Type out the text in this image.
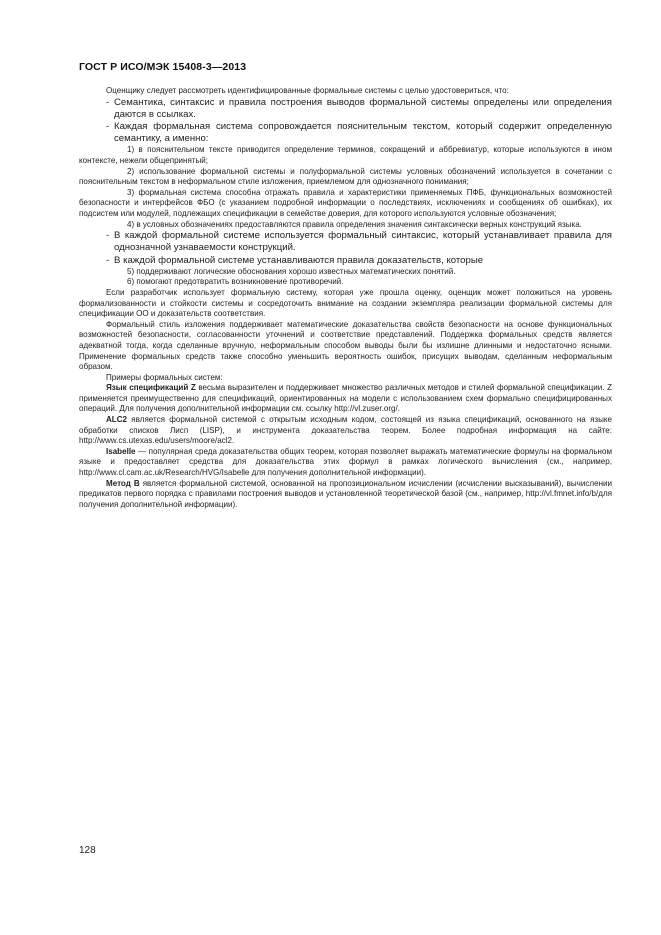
ГОСТ Р ИСО/МЭК 15408-3—2013

Оценщику следует рассмотреть идентифицированные формальные системы с целью удостовериться, что:

- Семантика, синтаксис и правила построения выводов формальной системы определены или определения даются в ссылках.
- Каждая формальная система сопровождается пояснительным текстом, который содержит определенную семантику, а именно:

1) в пояснительном тексте приводится определение терминов, сокращений и аббревиатур, которые используются в ином контексте, нежели общепринятый;

2) использование формальной системы и полуформальной системы условных обозначений используется в сочетании с пояснительным текстом в неформальном стиле изложения, приемлемом для однозначного понимания;

3) формальная система способна отражать правила и характеристики применяемых ПФБ, функциональных возможностей безопасности и интерфейсов ФБО (с указанием подробной информации о последствиях, исключениях и сообщениях об ошибках), их подсистем или модулей, подлежащих спецификации в семействе доверия, для которого используются условные обозначения;

4) в условных обозначениях предоставляются правила определения значения синтаксически верных конструкций языка.

- В каждой формальной системе используется формальный синтаксис, который устанавливает правила для однозначной узнаваемости конструкций.
- В каждой формальной системе устанавливаются правила доказательств, которые

5) поддерживают логические обоснования хорошо известных математических понятий.

6) помогают предотвратить возникновение противоречий.

Если разработчик использует формальную систему, которая уже прошла оценку, оценщик может положиться на уровень формализованности и стойкости системы и сосредоточить внимание на создании экземпляра реализации формальной системы для спецификации ОО и доказательств соответствия.

Формальный стиль изложения поддерживает математические доказательства свойств безопасности на основе функциональных возможностей безопасности, согласованности уточнений и соответствие представлений. Поддержка формальных средств является адекватной тогда, когда сделанные вручную, неформальным способом выводы были бы излишне длинными и недостаточно ясными. Применение формальных средств также способно уменьшить вероятность ошибок, присущих выводам, сделанным неформальным образом.

Примеры формальных систем:

Язык спецификаций Z весьма выразителен и поддерживает множество различных методов и стилей формальной спецификации. Z применяется преимущественно для спецификаций, ориентированных на модели с использованием схем формально специфицированных операций. Для получения дополнительной информации см. ссылку http://vl.zuser.org/.

ALC2 является формальной системой с открытым исходным кодом, состоящей из языка спецификаций, основанного на языке обработки списков Лисп (LISP), и инструмента доказательства теорем. Более подробная информация на сайте: http://www.cs.utexas.edu/users/moore/acl2.

Isabelle — популярная среда доказательства общих теорем, которая позволяет выражать математические формулы на формальном языке и предоставляет средства для доказательства этих формул в рамках логического вычисления (см., например, http://www.cl.cam.ac.uk/Research/HVG/Isabelle для получения дополнительной информации).

Метод B является формальной системой, основанной на пропозициональном исчислении (исчислении высказываний), вычислении предикатов первого порядка с правилами построения выводов и установленной теоретической базой (см., например, http://vl.fmnet.info/b/для получения дополнительной информации).

128
